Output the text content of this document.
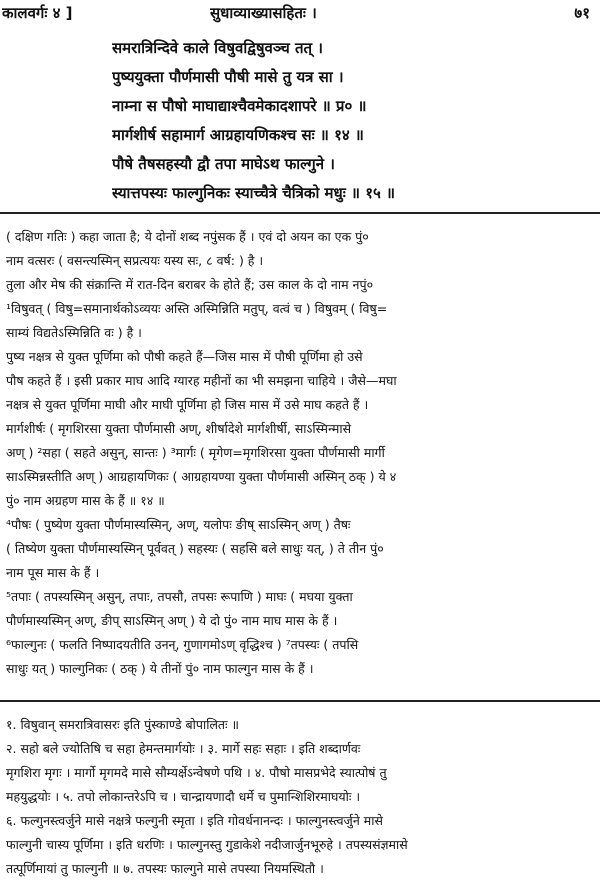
कालवर्गः ४ ]	सुधाव्याख्यासहितः ।	७१
समरात्रिन्दिवे काले विषुवद्विषुवञ्च तत् ।
पुष्ययुक्ता पौर्णमासी पौषी मासे तु यत्र सा ।
नाम्ना स पौषो माघाद्याश्चैवमेकादशापरे ॥ प्र० ॥
मार्गशीर्ष सहामार्ग आग्रहायणिकश्च सः ॥ १४ ॥
पौषे तैषसहस्यौ द्वौ तपा माघेऽथ फाल्गुने ।
स्यात्तपस्यः फाल्गुनिकः स्याच्चैत्रे चैत्रिको मधुः ॥ १५ ॥
( दक्षिण गतिः ) कहा जाता है; ये दोनों शब्द नपुंसक हैं । एवं दो अयन का एक पुं०
नाम वत्सरः ( वसन्त्यस्मिन् सप्रत्ययः यस्य सः, ८ वर्ष: ) है ।
तुला और मेष की संक्रान्ति में रात-दिन बराबर के होते हैं; उस काल के दो नाम नपुं०
¹विषुवत् ( विषु=समानार्थकोऽव्ययः अस्ति अस्मिन्निति मतुप्, वत्वं च ) विषुवम् ( विषु=
साम्यं विद्यतेऽस्मिन्निति वः ) है ।
पुष्य नक्षत्र से युक्त पूर्णिमा को पौषी कहते हैं—जिस मास में पौषी पूर्णिमा हो उसे
पौष कहते हैं । इसी प्रकार माघ आदि ग्यारह महीनों का भी समझना चाहिये । जैसे—मघा
नक्षत्र से युक्त पूर्णिमा माघी और माघी पूर्णिमा हो जिस मास में उसे माघ कहते हैं ।
मार्गशीर्षः ( मृगशिरसा युक्ता पौर्णमासी अण्, शीर्षादेशे मार्गशीर्षी, साऽस्मिन्मासे
अण् ) ²सहा ( सहते असुन्, सान्तः ) ³मार्गः ( मृगेण=मृगशिरसा युक्ता पौर्णमासी मार्गी
साऽस्मिन्नस्तीति अण् ) आग्रहायणिकः ( आग्रहायण्या युक्ता पौर्णमासी अस्मिन् ठक् ) ये ४
पुं० नाम अग्रहण मास के हैं ॥ १४ ॥
⁴पौषः ( पुष्येण युक्ता पौर्णमास्यस्मिन्, अण्, यलोपः ङीष् साऽस्मिन् अण् ) तैषः
( तिष्येण युक्ता पौर्णमास्यस्मिन् पूर्ववत् ) सहस्यः ( सहसि बले साधुः यत्, ) ते तीन पुं०
नाम पूस मास के हैं ।
⁵तपाः ( तपस्यस्मिन् असुन्, तपाः, तपसौ, तपसः रूपाणि ) माघः ( मघया युक्ता
पौर्णमास्यस्मिन् अण्, ङीप् साऽस्मिन् अण् ) ये दो पुं० नाम माघ मास के हैं ।
⁶फाल्गुनः ( फलति निष्पादयतीति उनन्, गुणागमोऽण् वृद्धिश्च ) ⁷तपस्यः ( तपसि
साधुः यत् ) फाल्गुनिकः ( ठक् ) ये तीनों पुं० नाम फाल्गुन मास के हैं ।
१. विषुवान् समरात्रिवासरः इति पुंस्काण्डे बोपालितः ॥
२. सहो बले ज्योतिषि च सहा हेमन्तमार्गयोः । ३. मार्गे सहः सहाः । इति शब्दार्णवः
मृगशिरा मृगः । मार्गो मृगमदे मासे सौम्यर्क्षेऽन्वेषणे पथि । ४. पौषो मासप्रभेदे स्यात्पोषं तु
महयुद्धयोः । ५. तपो लोकान्तरेऽपि च । चान्द्रायणादौ धर्मे च पुमान्शिशिरमाघयोः ।
६. फल्गुनस्त्वर्जुने मासे नक्षत्रे फल्गुनी स्मृता । इति गोवर्धनानन्दः । फाल्गुनस्त्वर्जुने मासे
फाल्गुनी चास्य पूर्णिमा । इति धरणिः । फाल्गुनस्तु गुडाकेशे नदीजार्जुनभूरुहे । तपस्यसंज्ञमासे
तत्पूर्णिमायां तु फाल्गुनी ॥ ७. तपस्यः फाल्गुने मासे तपस्या नियमस्थितौ ।
